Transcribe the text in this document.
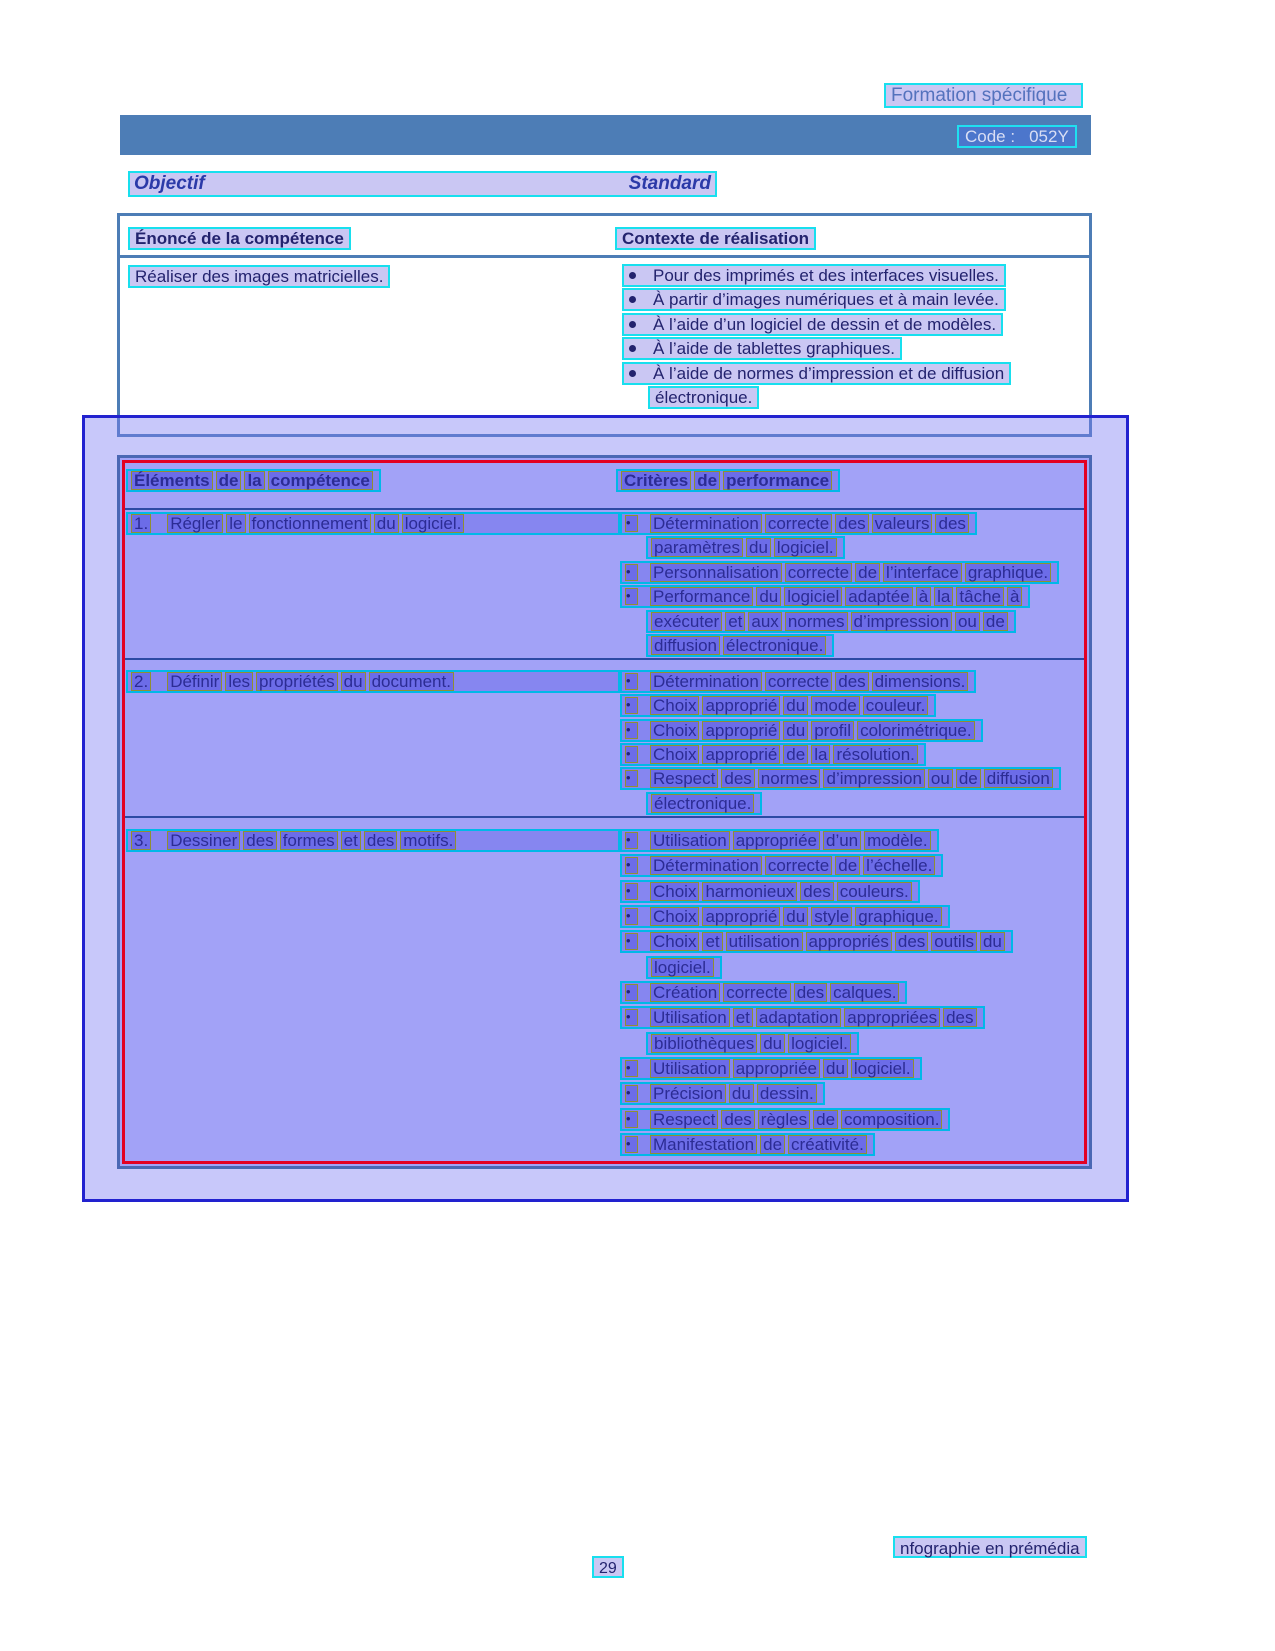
Formation spécifique
Code : 052Y
Objectif	Standard
Énoncé de la compétence	Contexte de réalisation
Réaliser des images matricielles.	Pour des imprimés et des interfaces visuelles.
À partir d’images numériques et à main levée.
À l’aide d’un logiciel de dessin et de modèles.
À l’aide de tablettes graphiques.
À l’aide de normes d’impression et de diffusion
électronique.
Éléments de la compétence	Critères de performance
1. Régler le fonctionnement du logiciel.	•	Détermination correcte des valeurs des
paramètres du logiciel.
•	Personnalisation correcte de l’interface graphique.
•	Performance du logiciel adaptée à la tâche à
exécuter et aux normes d’impression ou de
diffusion électronique.
2. Définir les propriétés du document.	•	Détermination correcte des dimensions.
•	Choix approprié du mode couleur.
•	Choix approprié du profil colorimétrique.
•	Choix approprié de la résolution.
•	Respect des normes d’impression ou de diffusion
électronique.
3. Dessiner des formes et des motifs.	•	Utilisation appropriée d’un modèle.
•	Détermination correcte de l’échelle.
•	Choix harmonieux des couleurs.
•	Choix approprié du style graphique.
•	Choix et utilisation appropriés des outils du
logiciel.
•	Création correcte des calques.
•	Utilisation et adaptation appropriées des
bibliothèques du logiciel.
•	Utilisation appropriée du logiciel.
•	Précision du dessin.
•	Respect des règles de composition.
•	Manifestation de créativité.
nfographie en prémédia
29
